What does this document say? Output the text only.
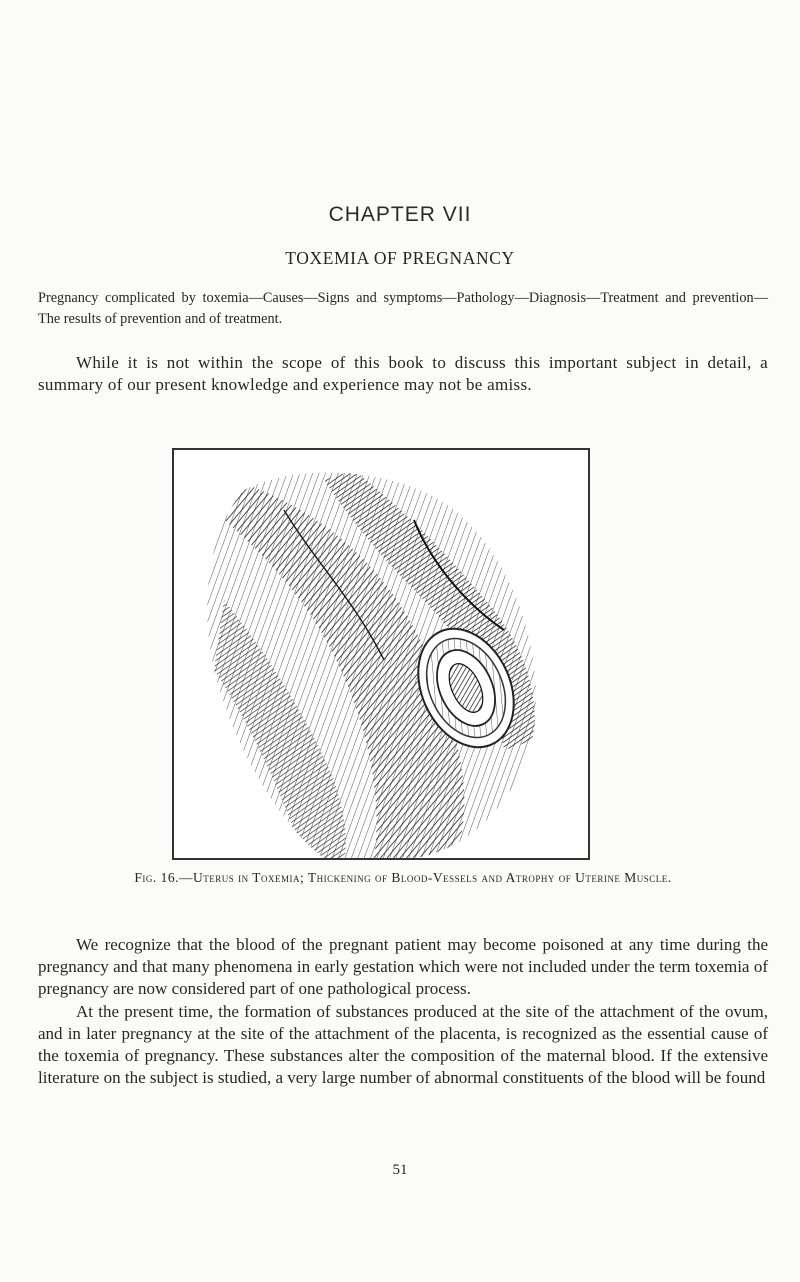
CHAPTER VII
TOXEMIA OF PREGNANCY
Pregnancy complicated by toxemia—Causes—Signs and symptoms—Pathology—Diagnosis—Treatment and prevention—The results of prevention and of treatment.
While it is not within the scope of this book to discuss this important subject in detail, a summary of our present knowledge and experience may not be amiss.
Fig. 16.—Uterus in Toxemia; Thickening of Blood-Vessels and Atrophy of Uterine Muscle.

We recognize that the blood of the pregnant patient may become poisoned at any time during the pregnancy and that many phenomena in early gestation which were not included under the term toxemia of pregnancy are now considered part of one pathological process.

At the present time, the formation of substances produced at the site of the attachment of the ovum, and in later pregnancy at the site of the attachment of the placenta, is recognized as the essential cause of the toxemia of pregnancy. These substances alter the composition of the maternal blood. If the extensive literature on the subject is studied, a very large number of abnormal constituents of the blood will be found

51
